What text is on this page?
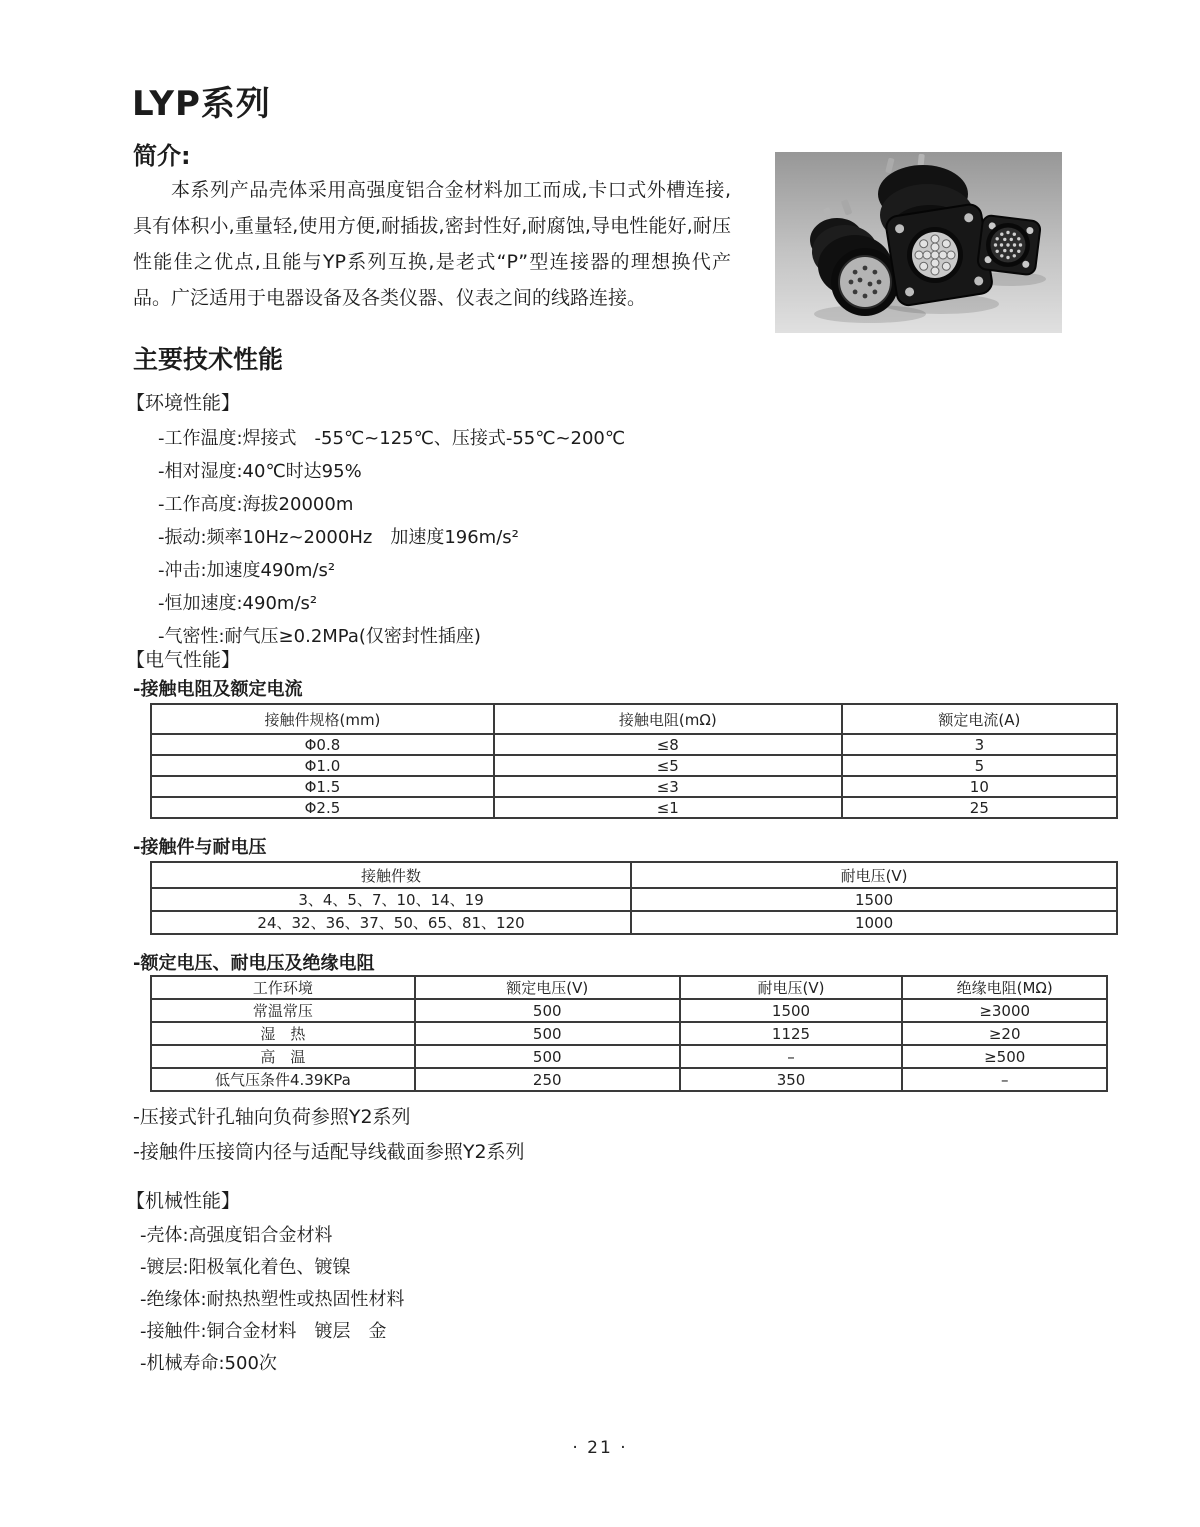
LYP系列
简介:

本系列产品壳体采用高强度铝合金材料加工而成,卡口式外槽连接,具有体积小,重量轻,使用方便,耐插拔,密封性好,耐腐蚀,导电性能好,耐压性能佳之优点,且能与YP系列互换,是老式“P”型连接器的理想换代产品。广泛适用于电器设备及各类仪器、仪表之间的线路连接。

主要技术性能
【环境性能】
-工作温度:焊接式　-55℃~125℃、压接式-55℃~200℃
-相对湿度:40℃时达95%
-工作高度:海拔20000m
-振动:频率10Hz~2000Hz　加速度196m/s²
-冲击:加速度490m/s²
-恒加速度:490m/s²
-气密性:耐气压≥0.2MPa(仅密封性插座)
【电气性能】
-接触电阻及额定电流
接触件规格(mm)	接触电阻(mΩ)	额定电流(A)
Φ0.8	≤8	3
Φ1.0	≤5	5
Φ1.5	≤3	10
Φ2.5	≤1	25
-接触件与耐电压
接触件数	耐电压(V)
3、4、5、7、10、14、19	1500
24、32、36、37、50、65、81、120	1000
-额定电压、耐电压及绝缘电阻
工作环境	额定电压(V)	耐电压(V)	绝缘电阻(MΩ)
常温常压	500	1500	≥3000
湿　热	500	1125	≥20
高　温	500	–	≥500
低气压条件4.39KPa	250	350	–
-压接式针孔轴向负荷参照Y2系列
-接触件压接筒内径与适配导线截面参照Y2系列
【机械性能】
-壳体:高强度铝合金材料
-镀层:阳极氧化着色、镀镍
-绝缘体:耐热热塑性或热固性材料
-接触件:铜合金材料　镀层　金
-机械寿命:500次
· 21 ·
